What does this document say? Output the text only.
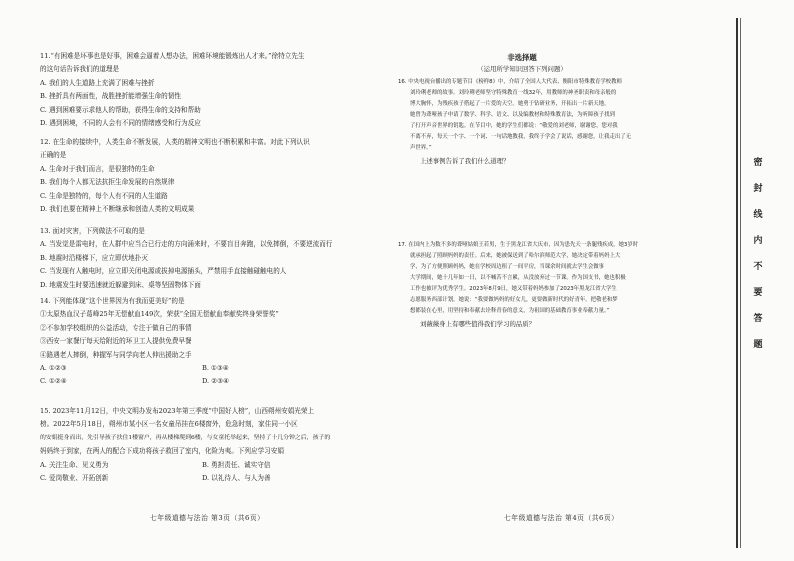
11.“有困难是坏事也是好事，困难会逼着人想办法，困难环境能锻炼出人才来。”徐特立先生

的这句话告诉我们的道理是

A. 我们的人生道路上充满了困难与挫折

B. 挫折具有两面性，战胜挫折能增强生命的韧性

C. 遇到困难要示求他人的帮助，获得生命的支持和帮助

D. 遇到困境，不同的人会有不同的情绪感受和行为反应

12. 在生命的接续中，人类生命不断发展，人类的精神文明也不断积累和丰富。对此下列认识

正确的是

A. 生命对于我们而言，是很独特的生命

B. 我们每个人都无法抗拒生命发展的自然规律

C. 生命是独特的，每个人有不同的人生道路

D. 我们也要在精神上不断继承和创造人类的文明成果

13. 面对灾害，下列做法不可取的是

A. 当发觉是雷电时，在人群中应当合已行走的方向涌来时，不要盲目奔跑，以免摔倒，不要逆流而行

B. 地震时沿楼梯下，应立即伏地扑灭

C. 当发现有人触电时，应立即关闭电源或拔掉电源插头，严禁用手直接触碰触电的人

D. 地震发生时要迅速就近躲避到床、桌等坚固物体下面

14. 下列能体现“这个世界因为有我而更美好”的是

①太原热血汉子葛峰25年无偿献血149次，荣获“全国无偿献血奉献奖终身荣誉奖”

②不参加学校组织的公益活动，专注于做自己的事情

③西安一家餐厅每天给附近的环卫工人提供免费早餐

④路遇老人摔倒，种握军与同学向老人伸出援助之手

A. ①②③	B. ①③④

C. ①②④	D. ②③④

15. 2023年11月12日，中央文明办发布2023年第三季度“中国好人榜”，山西朔州安娟光荣上

榜。2022年5月18日，朔州市某小区一名女童吊挂在6楼窗外，危急时刻，家住同一小区

的安娟挺身而出，先引导孩子扶住1楼窗户，再从楼梯爬到6楼，与女童托举起来，坚持了十几分钟之后，孩子的

妈妈终于到家，在两人的配合下成功将孩子救回了室内，化险为夷。下列应学习安娟

A. 关注生命、见义勇为	B. 勇担责任、诚实守信

C. 爱岗敬业、开拓创新	D. 以礼待人、与人为善

七年级道德与法治 第3页（共6页）
非选择题
（运用所学知识回答下列问题）

16. 中央电视台播出的专题节目《榜样8》中，介绍了全国人大代表、衡阳市特殊教育学校教师

刘玲琍老师的故事。刘玲琍老师坚守特殊教育一线32年，用教师的神圣职责和母亲般的

博大胸怀，为残疾孩子搭起了一片爱的天空。她勇于钻研业务，开拓出一片新天地。

她曾为聋哑孩子申请了数学、科学、语文、以及编教材和特殊教育法，为听障孩子找到

了打开声音世界的钥匙。在节目中，她的学生们都说：“敬爱的刘老师，谢谢您，您对我

不离不弃，每天一个字、一个词、一句话地教我，我终于学会了说话，感谢您，让我走出了无

声世界。”

上述事例告诉了我们什么道理？

17. 在国内上为数不多的聋哑姑娘王若男，生于黑龙江省大庆市，因为患先天一条腿残疾成，她3岁时

就承担起了照顾妈妈的责任。后来，她被保送到了哈尔滨师范大学，她决定带着妈妈上大

学，为了方便照顾妈妈，她在学校周边租了一间平房，当课余时间就去学生会做事

大学期间，她十几年如一日，以不喊苦不言累，从没放弃过一节课。作为国支书，她也积极

工作也被评为优秀学生。2023年8月9日，她又带着妈妈参加了2023年黑龙江省大学生

志愿服务西部计划，她说：“我要做妈妈的好女儿，更要做新时代的好青年。把敬老和梦

想都装在心里，用坚持和奉献去诠释青春的意义，为祖国的基础教育事业奉献力量。”

刘薇薇身上有哪些值得我们学习的品质？

七年级道德与法治 第4页（共6页）
密
封
线
内
不
要
答
题
